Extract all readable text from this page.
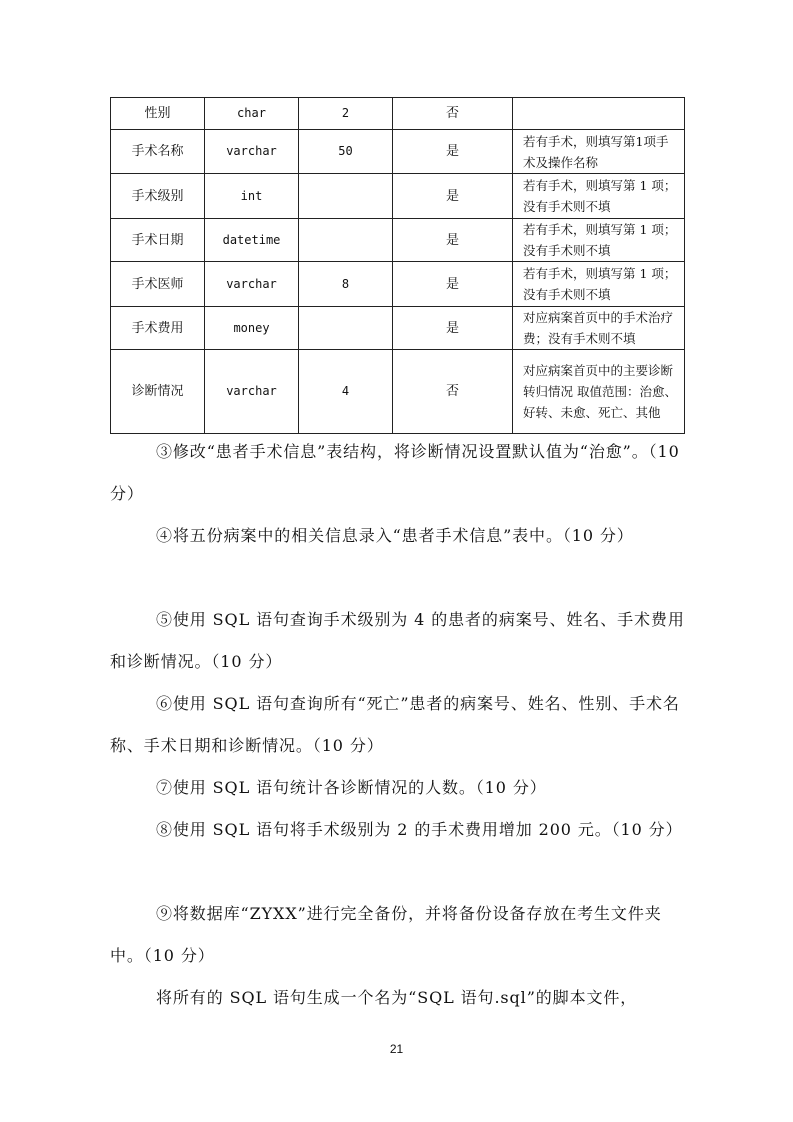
性别	char	2	否	
手术名称	varchar	50	是	若有手术，则填写第1项手术及操作名称
手术级别	int		是	若有手术，则填写第 1 项；没有手术则不填
手术日期	datetime		是	若有手术，则填写第 1 项；没有手术则不填
手术医师	varchar	8	是	若有手术，则填写第 1 项；没有手术则不填
手术费用	money		是	对应病案首页中的手术治疗费；没有手术则不填
诊断情况	varchar	4	否	对应病案首页中的主要诊断转归情况 取值范围：治愈、好转、未愈、死亡、其他

③修改“患者手术信息”表结构，将诊断情况设置默认值为“治愈”。（10 分）

④将五份病案中的相关信息录入“患者手术信息”表中。（10 分）

⑤使用 SQL 语句查询手术级别为 4 的患者的病案号、姓名、手术费用和诊断情况。（10 分）

⑥使用 SQL 语句查询所有“死亡”患者的病案号、姓名、性别、手术名称、手术日期和诊断情况。（10 分）

⑦使用 SQL 语句统计各诊断情况的人数。（10 分）

⑧使用 SQL 语句将手术级别为 2 的手术费用增加 200 元。（10 分）

⑨将数据库“ZYXX”进行完全备份，并将备份设备存放在考生文件夹中。（10 分）

将所有的 SQL 语句生成一个名为“SQL 语句.sql”的脚本文件，

21
